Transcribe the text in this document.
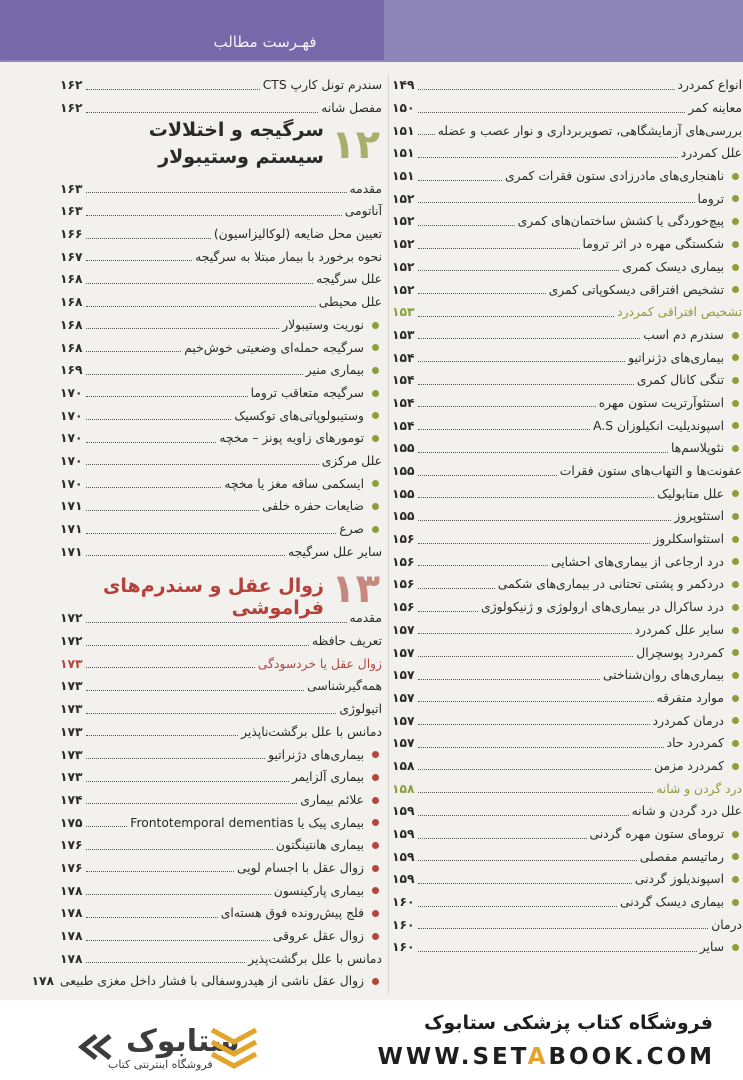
فهـرست مطالب
انواع کمردرد
۱۴۹
معاینه کمر
۱۵۰
بررسی‌های آزمایشگاهی، تصویربرداری و نوار عصب و عضله
۱۵۱
علل کمردرد
۱۵۱
ناهنجاری‌های مادرزادی ستون فقرات کمری
۱۵۱
تروما
۱۵۲
پیچ‌خوردگی یا کشش ساختمان‌های کمری
۱۵۲
شکستگی مهره در اثر تروما
۱۵۲
بیماری دیسک کمری
۱۵۲
تشخیص افتراقی دیسکوپاتی کمری
۱۵۲
تشخیص افتراقی کمردرد
۱۵۳
سندرم دم اسب
۱۵۳
بیماری‌های دژنراتیو
۱۵۴
تنگی کانال کمری
۱۵۴
استئوآرتریت ستون مهره
۱۵۴
اسپوندیلیت انکیلوزان A.S
۱۵۴
نئوپلاسم‌ها
۱۵۵
عفونت‌ها و التهاب‌های ستون فقرات
۱۵۵
علل متابولیک
۱۵۵
استئوپروز
۱۵۵
استئواسکلروز
۱۵۶
درد ارجاعی از بیماری‌های احشایی
۱۵۶
دردکمر و پشتی تحتانی در بیماری‌های شکمی
۱۵۶
درد ساکرال در بیماری‌های ارولوژی و ژنیکولوژی
۱۵۶
سایر علل کمردرد
۱۵۷
کمردرد پوسچرال
۱۵۷
بیماری‌های روان‌شناختی
۱۵۷
موارد متفرقه
۱۵۷
درمان کمردرد
۱۵۷
کمردرد حاد
۱۵۷
کمردرد مزمن
۱۵۸
درد گردن و شانه
۱۵۸
علل درد گردن و شانه
۱۵۹
ترومای ستون مهره گردنی
۱۵۹
رماتیسم مفصلی
۱۵۹
اسپوندیلوز گردنی
۱۵۹
بیماری دیسک گردنی
۱۶۰
درمان
۱۶۰
سایر
۱۶۰
سندرم تونل کارپ CTS
۱۶۲
مفصل شانه
۱۶۲
۱۲
سرگیجه و اختلالات
سیستم وستیبولار
مقدمه
۱۶۳
آناتومی
۱۶۳
تعیین محل ضایعه (لوکالیزاسیون)
۱۶۶
نحوه برخورد با بیمار مبتلا به سرگیجه
۱۶۷
علل سرگیجه
۱۶۸
علل محیطی
۱۶۸
نوریت وستیبولار
۱۶۸
سرگیجه حمله‌ای وضعیتی خوش‌خیم
۱۶۸
بیماری منیر
۱۶۹
سرگیجه متعاقب تروما
۱۷۰
وستیبولوپاتی‌های توکسیک
۱۷۰
تومورهای زاویه پونز – مخچه
۱۷۰
علل مرکزی
۱۷۰
ایسکمی ساقه مغز یا مخچه
۱۷۰
ضایعات حفره خلفی
۱۷۱
صرع
۱۷۱
سایر علل سرگیجه
۱۷۱
۱۳
زوال عقل و سندرم‌های فراموشی مقدمه
۱۷۲
تعریف حافظه
۱۷۲
زوال عقل یا خردسودگی
۱۷۳
همه‌گیرشناسی
۱۷۳
اتیولوژی
۱۷۳
دمانس با علل برگشت‌ناپذیر
۱۷۳
بیماری‌های دژنراتیو
۱۷۳
بیماری آلزایمر
۱۷۳
علائم بیماری
۱۷۴
بیماری پیک یا Frontotemporal dementias
۱۷۵
بیماری هانتینگتون
۱۷۶
زوال عقل با اجسام لویی
۱۷۶
بیماری پارکینسون
۱۷۸
فلج پیش‌رونده فوق هسته‌ای
۱۷۸
زوال عقل عروقی
۱۷۸
دمانس با علل برگشت‌پذیر
۱۷۸
زوال عقل ناشی از هیدروسفالی با فشار داخل مغزی طبیعی
۱۷۸
ستابوک
فروشگاه اینترنتی کتاب
فروشگاه کتاب پزشکی ستابوک
WWW.SETABOOK.COM
